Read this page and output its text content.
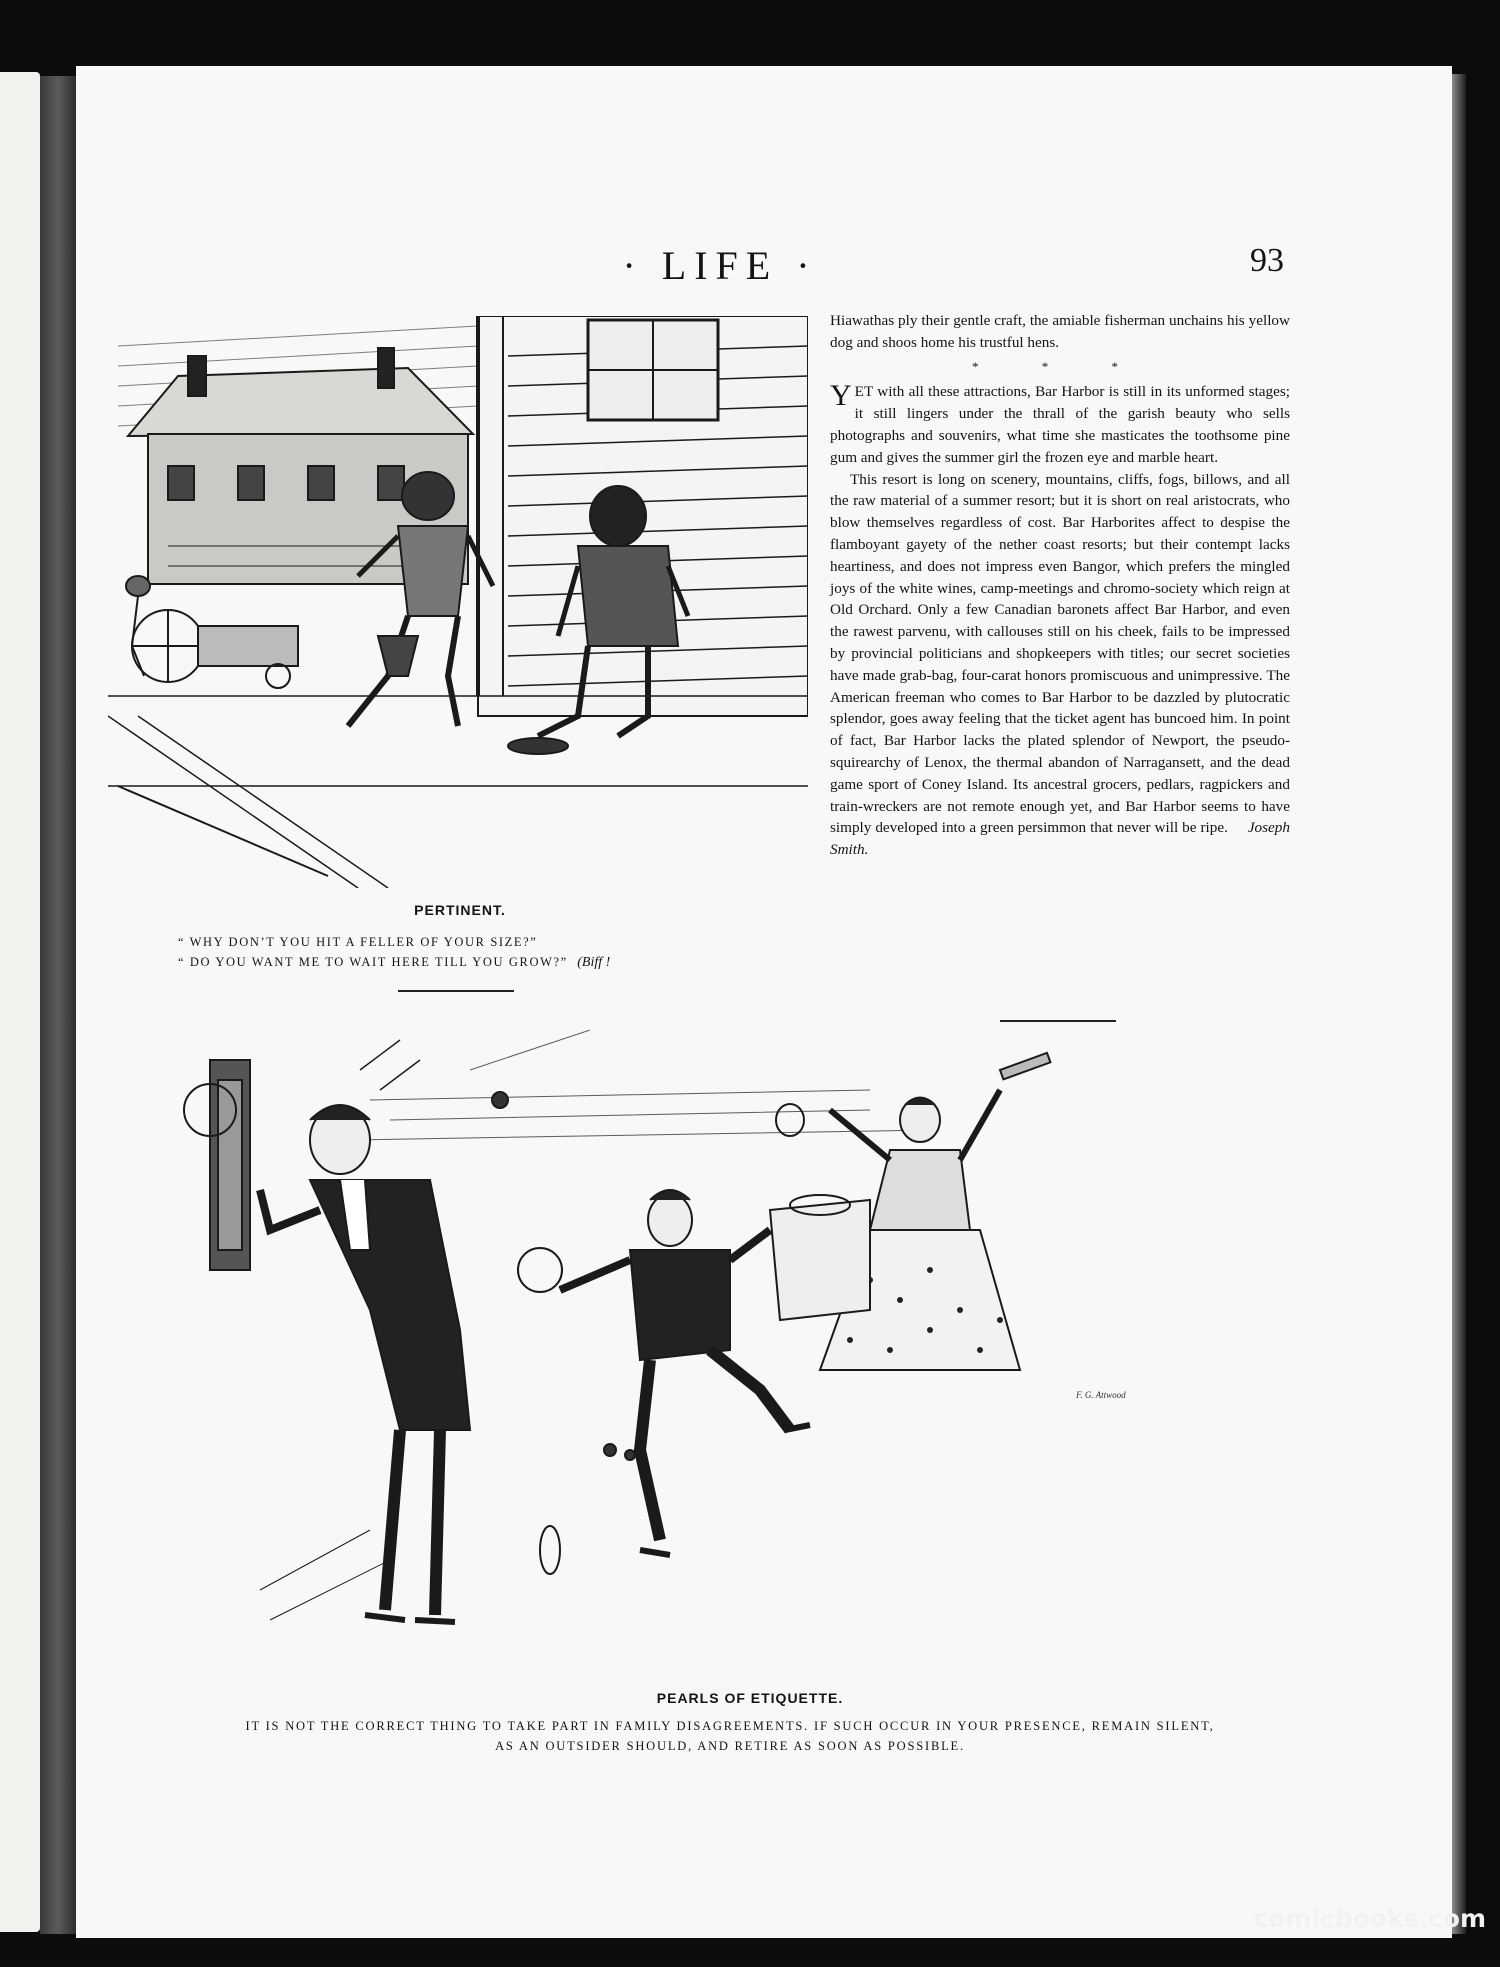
· LIFE ·	93
PERTINENT.
“ WHY DON’T YOU HIT A FELLER OF YOUR SIZE?”
“ DO YOU WANT ME TO WAIT HERE TILL YOU GROW?” (Biff !

Hiawathas ply their gentle craft, the amiable fisherman unchains his yellow dog and shoos home his trustful hens.

* * *

YET with all these attractions, Bar Harbor is still in its unformed stages; it still lingers under the thrall of the garish beauty who sells photographs and souvenirs, what time she masticates the toothsome pine gum and gives the summer girl the frozen eye and marble heart.

This resort is long on scenery, mountains, cliffs, fogs, billows, and all the raw material of a summer resort; but it is short on real aristocrats, who blow themselves regardless of cost. Bar Harborites affect to despise the flamboyant gayety of the nether coast resorts; but their contempt lacks heartiness, and does not impress even Bangor, which prefers the mingled joys of the white wines, camp-meetings and chromo-society which reign at Old Orchard. Only a few Canadian baronets affect Bar Harbor, and even the rawest parvenu, with callouses still on his cheek, fails to be impressed by provincial politicians and shopkeepers with titles; our secret societies have made grab-bag, four-carat honors promiscuous and unimpressive. The American freeman who comes to Bar Harbor to be dazzled by plutocratic splendor, goes away feeling that the ticket agent has buncoed him. In point of fact, Bar Harbor lacks the plated splendor of Newport, the pseudo-squirearchy of Lenox, the thermal abandon of Narragansett, and the dead game sport of Coney Island. Its ancestral grocers, pedlars, ragpickers and train-wreckers are not remote enough yet, and Bar Harbor seems to have simply developed into a green persimmon that never will be ripe. Joseph Smith.

F. G. Attwood
PEARLS OF ETIQUETTE.
IT IS NOT THE CORRECT THING TO TAKE PART IN FAMILY DISAGREEMENTS. IF SUCH OCCUR IN YOUR PRESENCE, REMAIN SILENT,
AS AN OUTSIDER SHOULD, AND RETIRE AS SOON AS POSSIBLE.
comicbooks.com
